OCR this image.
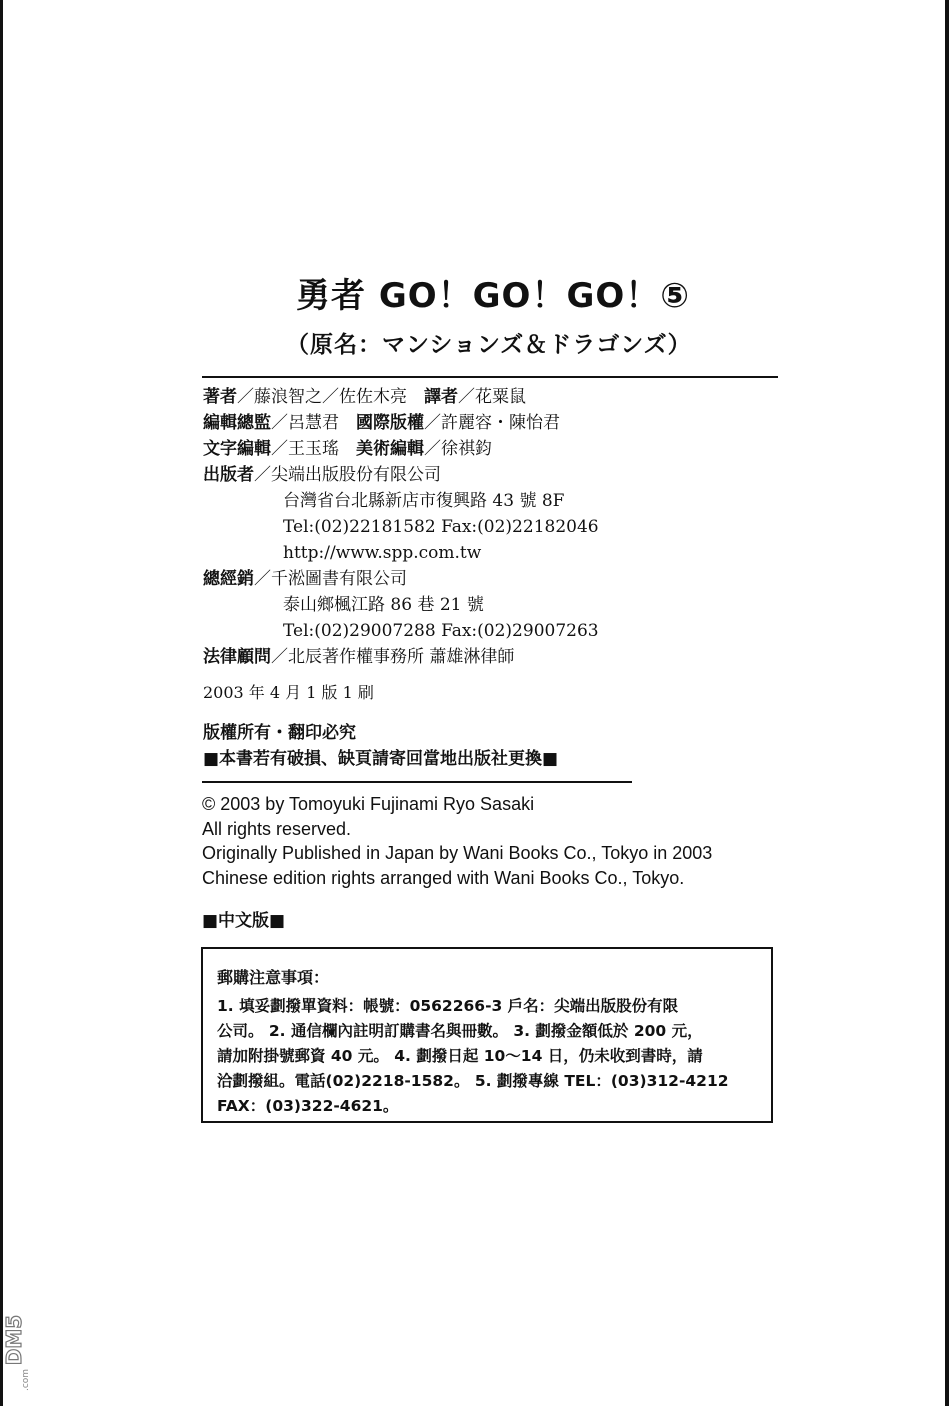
勇者 GO！GO！GO！⑤
（原名：マンションズ＆ドラゴンズ）
著者／藤浪智之／佐佐木亮　 譯者／花粟鼠
編輯總監／呂慧君　 國際版權／許麗容・陳怡君
文字編輯／王玉瑤　 美術編輯／徐祺鈞
出版者／尖端出版股份有限公司
台灣省台北縣新店市復興路 43 號 8F
Tel:(02)22181582 Fax:(02)22182046
http://www.spp.com.tw
總經銷／千淞圖書有限公司
泰山鄉楓江路 86 巷 21 號
Tel:(02)29007288 Fax:(02)29007263
法律顧問／北辰著作權事務所 蕭雄淋律師
2003 年 4 月 1 版 1 刷
版權所有・翻印必究
■本書若有破損、缺頁請寄回當地出版社更換■
© 2003 by Tomoyuki Fujinami Ryo Sasaki
All rights reserved.
Originally Published in Japan by Wani Books Co., Tokyo in 2003
Chinese edition rights arranged with Wani Books Co., Tokyo.
■中文版■
郵購注意事項：
1. 填妥劃撥單資料：帳號：0562266-3 戶名：尖端出版股份有限
公司。 2. 通信欄內註明訂購書名與冊數。 3. 劃撥金額低於 200 元，
請加附掛號郵資 40 元。 4. 劃撥日起 10～14 日，仍未收到書時，請
洽劃撥組。電話(02)2218-1582。 5. 劃撥專線 TEL：(03)312-4212
FAX：(03)322-4621。
DM5
.com
